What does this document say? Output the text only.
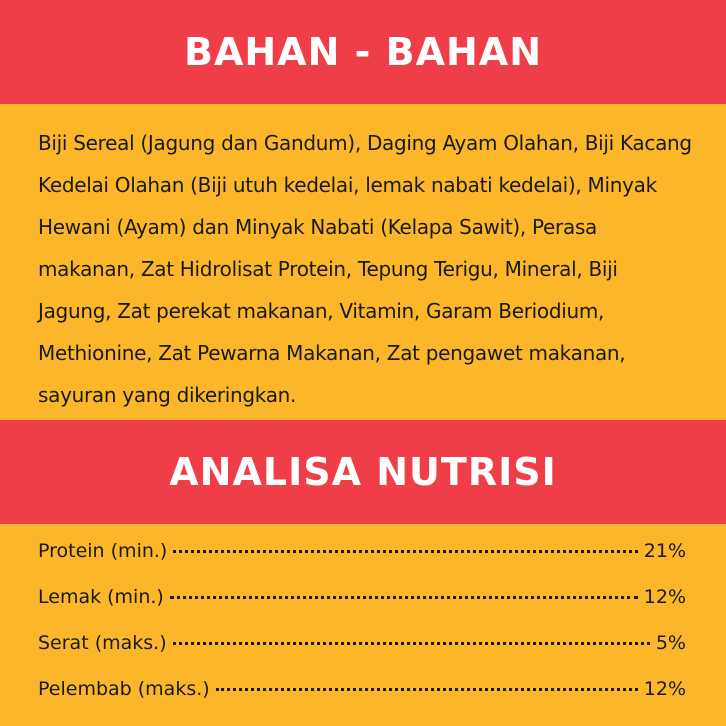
BAHAN - BAHAN

Biji Sereal (Jagung dan Gandum), Daging Ayam Olahan, Biji Kacang Kedelai Olahan (Biji utuh kedelai, lemak nabati kedelai), Minyak Hewani (Ayam) dan Minyak Nabati (Kelapa Sawit), Perasa makanan, Zat Hidrolisat Protein, Tepung Terigu, Mineral, Biji Jagung, Zat perekat makanan, Vitamin, Garam Beriodium, Methionine, Zat Pewarna Makanan, Zat pengawet makanan, sayuran yang dikeringkan.

ANALISA NUTRISI
Protein (min.)	21%
Lemak (min.)	12%
Serat (maks.)	5%
Pelembab (maks.)	12%
